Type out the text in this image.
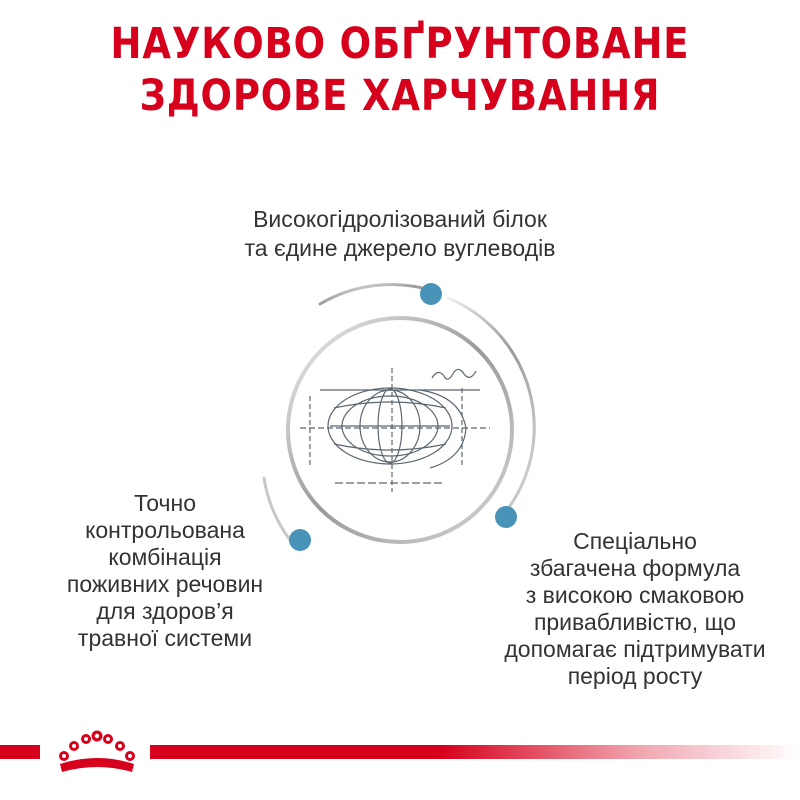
НАУКОВО ОБҐРУНТОВАНЕ
ЗДОРОВЕ ХАРЧУВАННЯ
Високогідролізований білок
та єдине джерело вуглеводів
Точно
контрольована
комбінація
поживних речовин
для здоров’я
травної системи
Спеціально
збагачена формула
з високою смаковою
привабливістю, що
допомагає підтримувати
період росту
